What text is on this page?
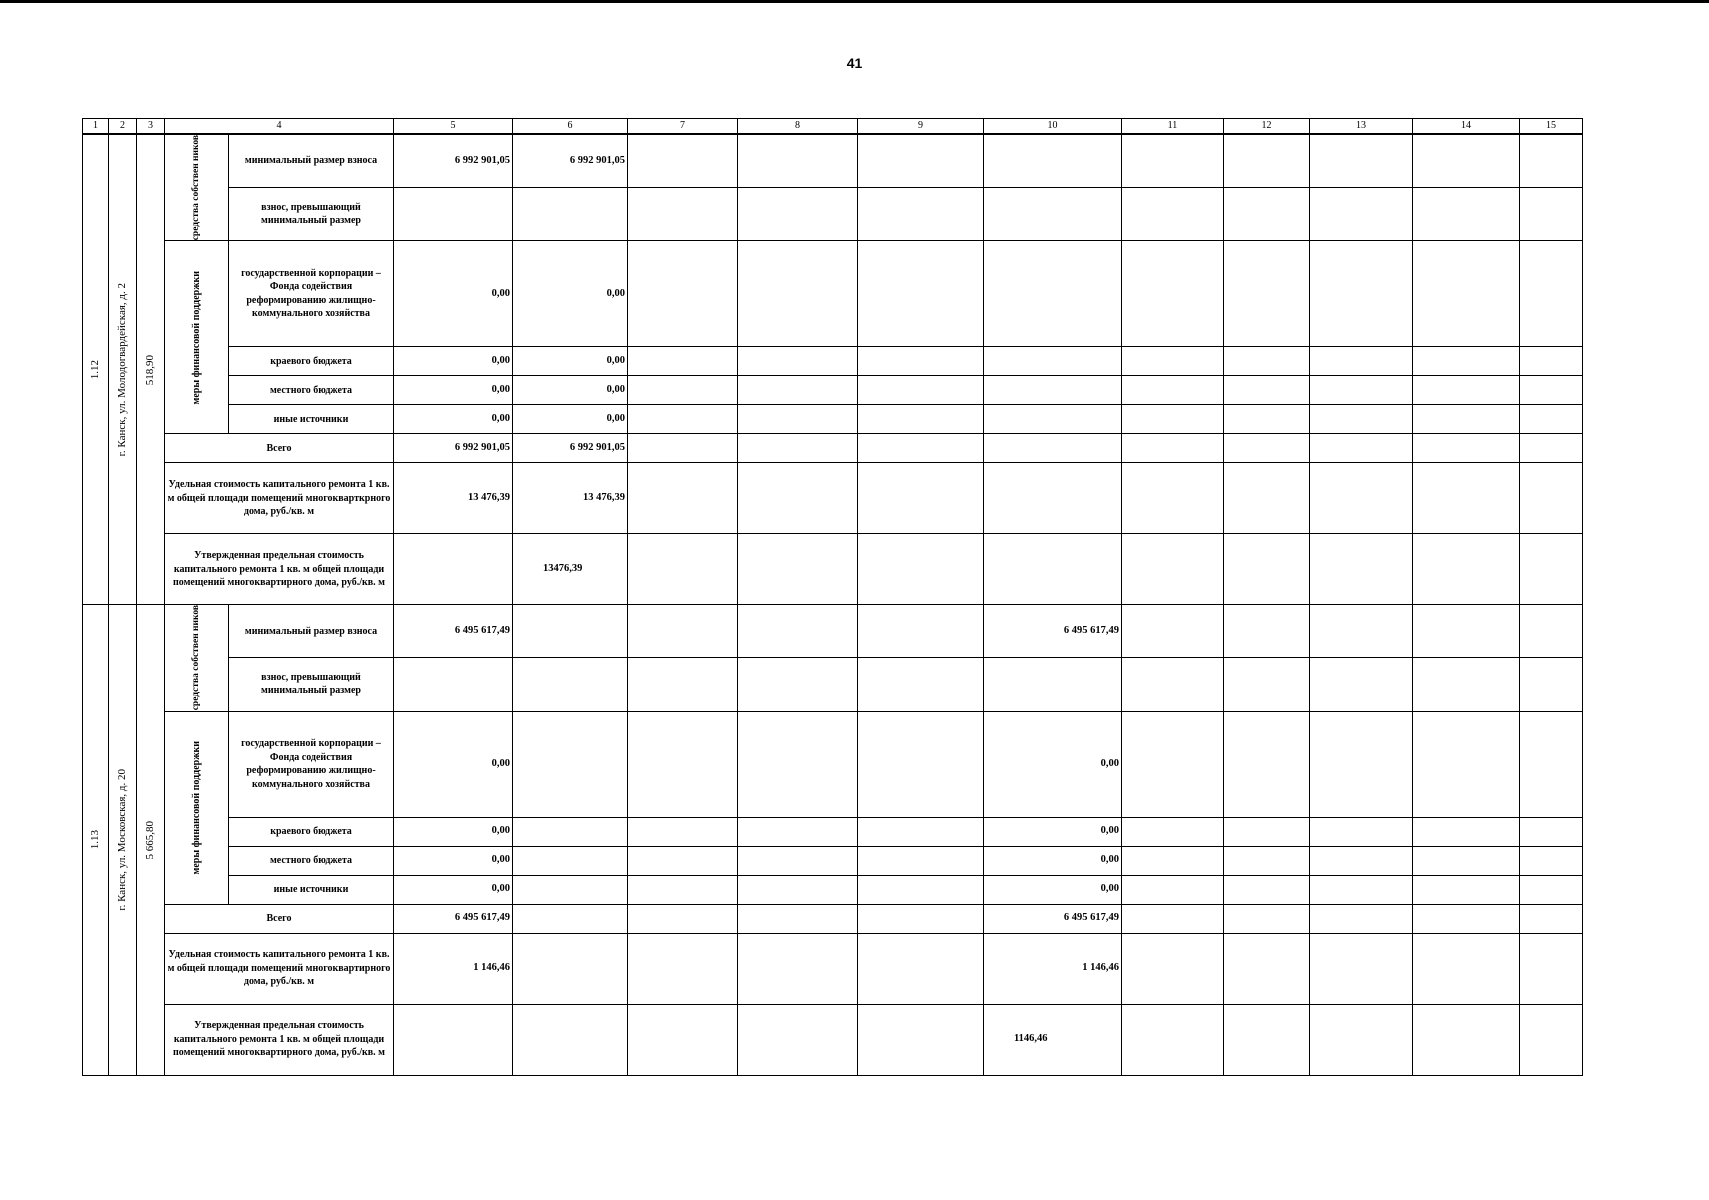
41
1	2	3	4		5	6	7	8	9	10	11	12	13	14	15

1.12	г. Канск, ул. Молодогвардейская, д. 2	518,90	средства собствен ников	минимальный размер взноса	6 992 901,05	6 992 901,05									
				взнос, превышающий минимальный размер											

			меры финансовой поддержки	государственной корпорации – Фонда содействия реформированию жилищно-коммунального хозяйства	0,00	0,00									
				краевого бюджета	0,00	0,00									
				местного бюджета	0,00	0,00									
				иные источники	0,00	0,00									
			Всего		6 992 901,05	6 992 901,05									
			Удельная стоимость капитального ремонта 1 кв. м общей площади помещений многокварткрного дома, руб./кв. м		13 476,39	13 476,39									
			Утвержденная предельная стоимость капитального ремонта 1 кв. м общей площади помещений многоквартирного дома, руб./кв. м			13476,39									

1.13	г. Канск, ул. Московская, д. 20	5 665,80	средства собствен ников	минимальный размер взноса	6 495 617,49					6 495 617,49					
				взнос, превышающий минимальный размер											

			меры финансовой поддержки	государственной корпорации – Фонда содействия реформированию жилищно-коммунального хозяйства	0,00					0,00					
				краевого бюджета	0,00					0,00					
				местного бюджета	0,00					0,00					
				иные источники	0,00					0,00					
			Всего		6 495 617,49					6 495 617,49					
			Удельная стоимость капитального ремонта 1 кв. м общей площади помещений многоквартирного дома, руб./кв. м		1 146,46					1 146,46					
			Утвержденная предельная стоимость капитального ремонта 1 кв. м общей площади помещений многоквартирного дома, руб./кв. м							1146,46					
